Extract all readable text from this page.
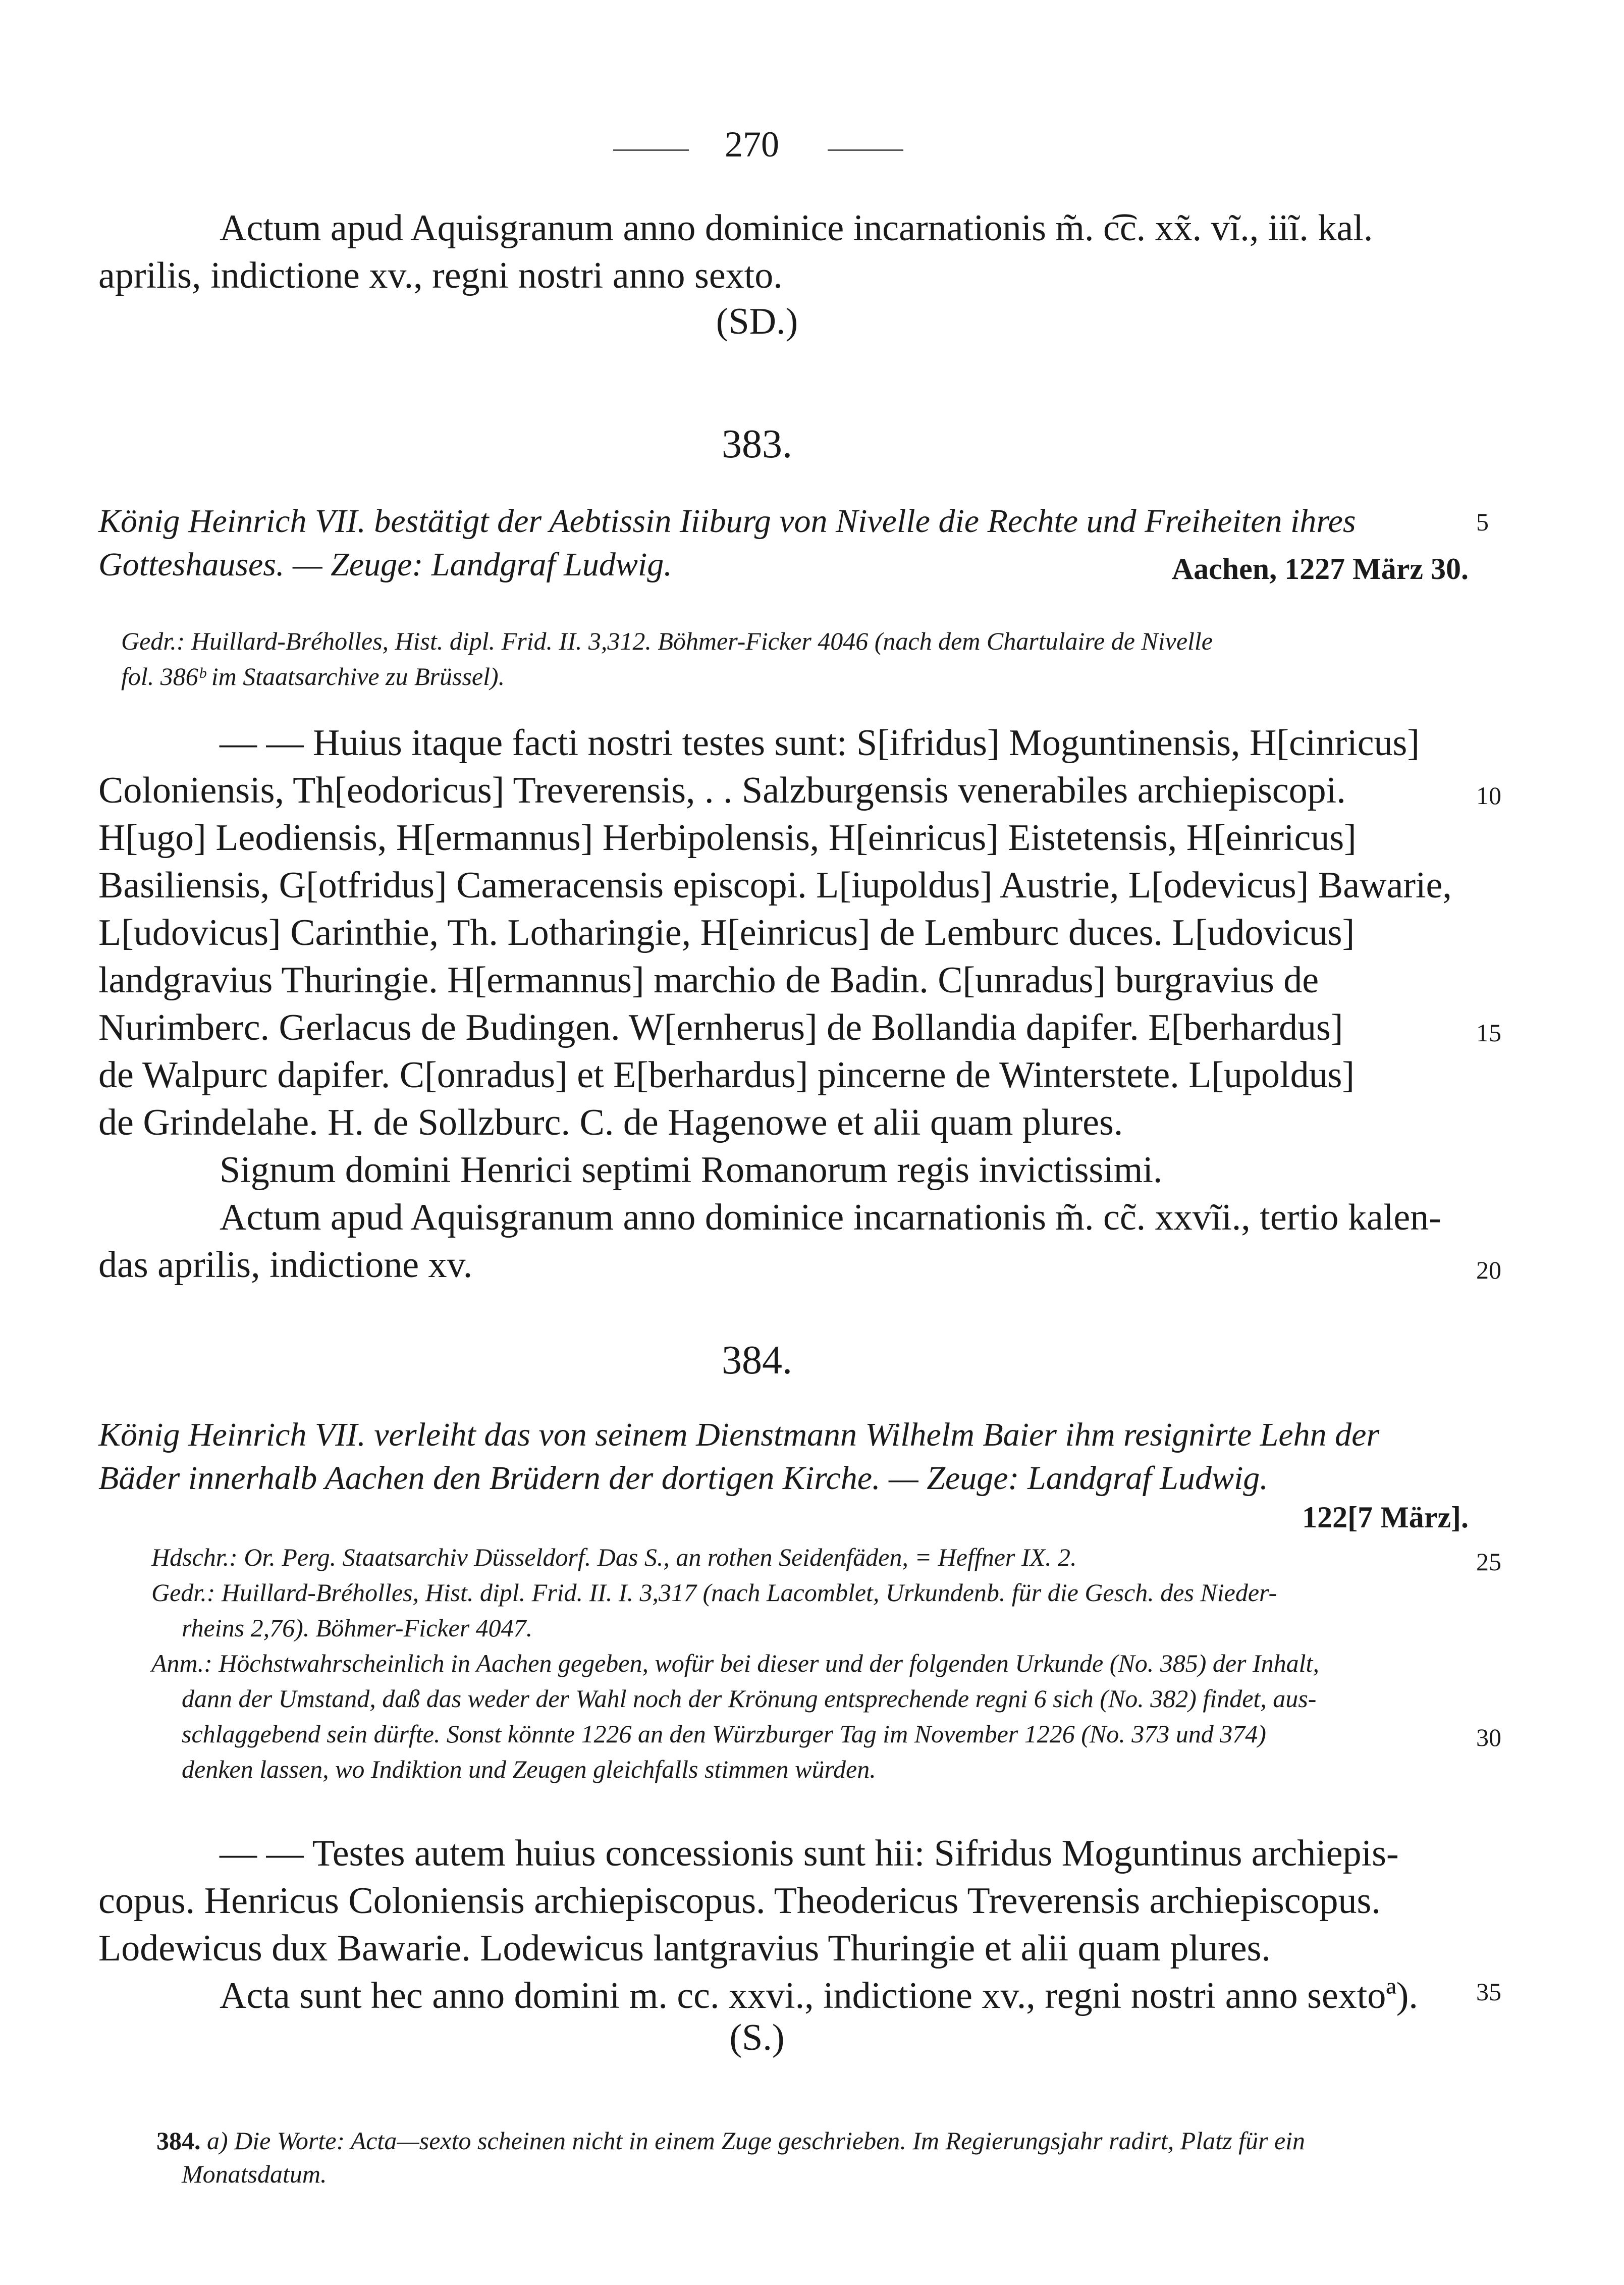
270
Actum apud Aquisgranum anno dominice incarnationis m̃. c͡c. xx̃. vĩ., iiĩ. kal.
aprilis, indictione xv., regni nostri anno sexto.
(SD.)
383.
König Heinrich VII. bestätigt der Aebtissin Iiiburg von Nivelle die Rechte und Freiheiten ihres
Gotteshauses. — Zeuge: Landgraf Ludwig.	Aachen, 1227 März 30.
Gedr.: Huillard-Bréholles, Hist. dipl. Frid. II. 3,312. Böhmer-Ficker 4046 (nach dem Chartulaire de Nivelle
fol. 386ᵇ im Staatsarchive zu Brüssel).
— — Huius itaque facti nostri testes sunt: S[ifridus] Moguntinensis, H[cinricus]
Coloniensis, Th[eodoricus] Treverensis, . . Salzburgensis venerabiles archiepiscopi.
H[ugo] Leodiensis, H[ermannus] Herbipolensis, H[einricus] Eistetensis, H[einricus]
Basiliensis, G[otfridus] Cameracensis episcopi. L[iupoldus] Austrie, L[odevicus] Bawarie,
L[udovicus] Carinthie, Th. Lotharingie, H[einricus] de Lemburc duces. L[udovicus]
landgravius Thuringie. H[ermannus] marchio de Badin. C[unradus] burgravius de
Nurimberc. Gerlacus de Budingen. W[ernherus] de Bollandia dapifer. E[berhardus]
de Walpurc dapifer. C[onradus] et E[berhardus] pincerne de Winterstete. L[upoldus]
de Grindelahe. H. de Sollzburc. C. de Hagenowe et alii quam plures.
Signum domini Henrici septimi Romanorum regis invictissimi.
Actum apud Aquisgranum anno dominice incarnationis m̃. cc̃. xxvĩi., tertio kalen-
das aprilis, indictione xv.
384.
König Heinrich VII. verleiht das von seinem Dienstmann Wilhelm Baier ihm resignirte Lehn der
Bäder innerhalb Aachen den Brüdern der dortigen Kirche. — Zeuge: Landgraf Ludwig.
122[7 März].
Hdschr.: Or. Perg. Staatsarchiv Düsseldorf. Das S., an rothen Seidenfäden, = Heffner IX. 2.
Gedr.: Huillard-Bréholles, Hist. dipl. Frid. II. I. 3,317 (nach Lacomblet, Urkundenb. für die Gesch. des Nieder-
rheins 2,76). Böhmer-Ficker 4047.
Anm.: Höchstwahrscheinlich in Aachen gegeben, wofür bei dieser und der folgenden Urkunde (No. 385) der Inhalt,
dann der Umstand, daß das weder der Wahl noch der Krönung entsprechende regni 6 sich (No. 382) findet, aus-
schlaggebend sein dürfte. Sonst könnte 1226 an den Würzburger Tag im November 1226 (No. 373 und 374)
denken lassen, wo Indiktion und Zeugen gleichfalls stimmen würden.
— — Testes autem huius concessionis sunt hii: Sifridus Moguntinus archiepis-
copus. Henricus Coloniensis archiepiscopus. Theodericus Treverensis archiepiscopus.
Lodewicus dux Bawarie. Lodewicus lantgravius Thuringie et alii quam plures.
Acta sunt hec anno domini m. cc. xxvi., indictione xv., regni nostri anno sextoª).
(S.)
384. a) Die Worte: Acta—sexto scheinen nicht in einem Zuge geschrieben. Im Regierungsjahr radirt, Platz für ein
Monatsdatum.
5
10
15
20
25
30
35
